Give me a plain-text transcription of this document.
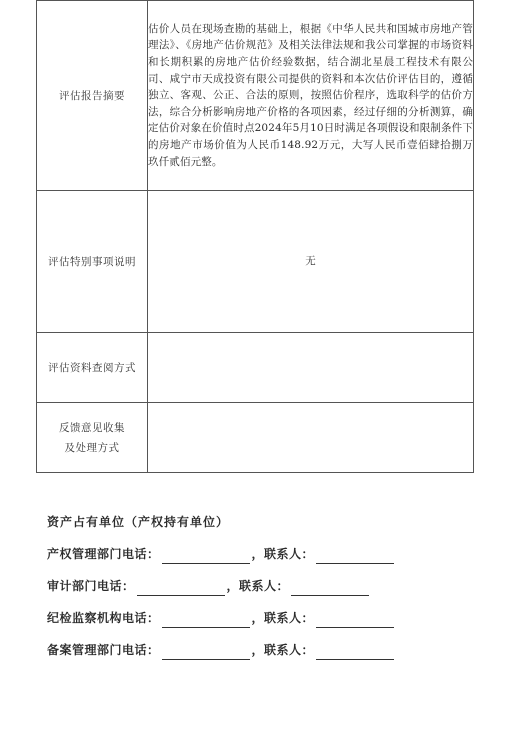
评估报告摘要	估价人员在现场查勘的基础上，根据《中华人民共和国城市房地产管理法》、《房地产估价规范》及相关法律法规和我公司掌握的市场资料和长期积累的房地产估价经验数据，结合湖北星晨工程技术有限公司、咸宁市天成投资有限公司提供的资料和本次估价评估目的，遵循独立、客观、公正、合法的原则，按照估价程序，选取科学的估价方法，综合分析影响房地产价格的各项因素，经过仔细的分析测算，确定估价对象在价值时点2024年5月10日时满足各项假设和限制条件下的房地产市场价值为人民币148.92万元，大写人民币壹佰肆拾捌万玖仟贰佰元整。

评估特别事项说明	无
评估资料查阅方式	

反馈意见收集
及处理方式	

资产占有单位（产权持有单位）
产权管理部门电话：	，联系人：
审计部门电话：	，联系人：
纪检监察机构电话：	，联系人：
备案管理部门电话：	，联系人：
